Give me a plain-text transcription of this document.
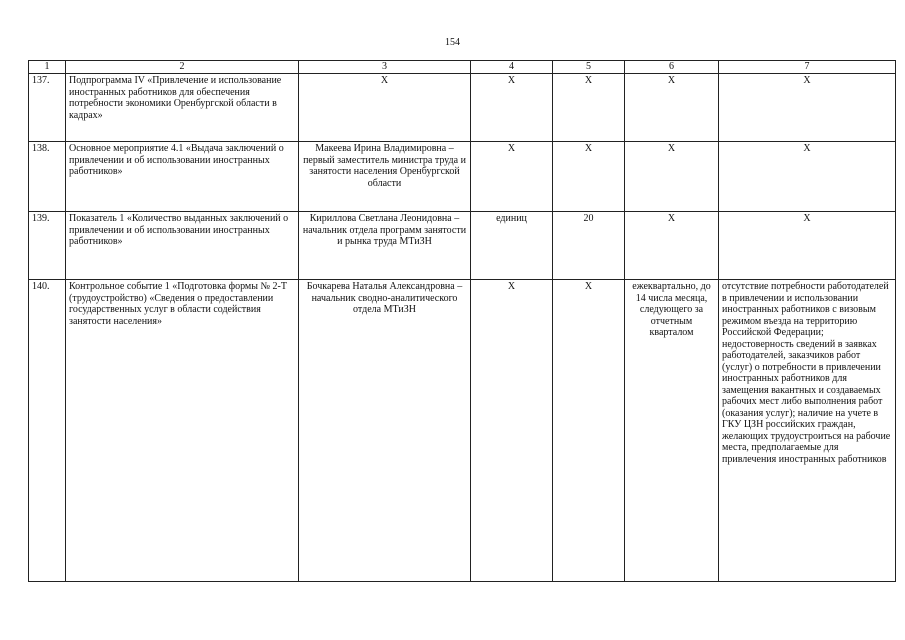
154
1	2	3	4	5	6	7
137.	Подпрограмма IV «Привлечение и использование иностранных работников для обеспечения потребности экономики Оренбургской области в кадрах»	X	X	X	X	X
138.	Основное мероприятие 4.1 «Выдача заключений о привлечении и об использовании иностранных работников»	Макеева Ирина Владимировна – первый заместитель министра труда и занятости населения Оренбургской области	X	X	X	X
139.	Показатель 1 «Количество выданных заключений о привлечении и об использовании иностранных работников»	Кириллова Светлана Леонидовна – начальник отдела программ занятости и рынка труда МТиЗН	единиц	20	X	X
140.	Контрольное событие 1 «Подготовка формы № 2-Т (трудоустройство) «Сведения о предоставлении государственных услуг в области содействия занятости населения»	Бочкарева Наталья Александровна – начальник сводно-аналитического отдела МТиЗН	X	X	ежеквартально, до 14 числа месяца, следующего за отчетным кварталом	отсутствие потребности работодателей в привлечении и использовании иностранных работников с визовым режимом въезда на территорию Российской Федерации; недостоверность сведений в заявках работодателей, заказчиков работ (услуг) о потребности в привлечении иностранных работников для замещения вакантных и создаваемых рабочих мест либо выполнения работ (оказания услуг); наличие на учете в ГКУ ЦЗН российских граждан, желающих трудоустроиться на рабочие места, предполагаемые для привлечения иностранных работников
